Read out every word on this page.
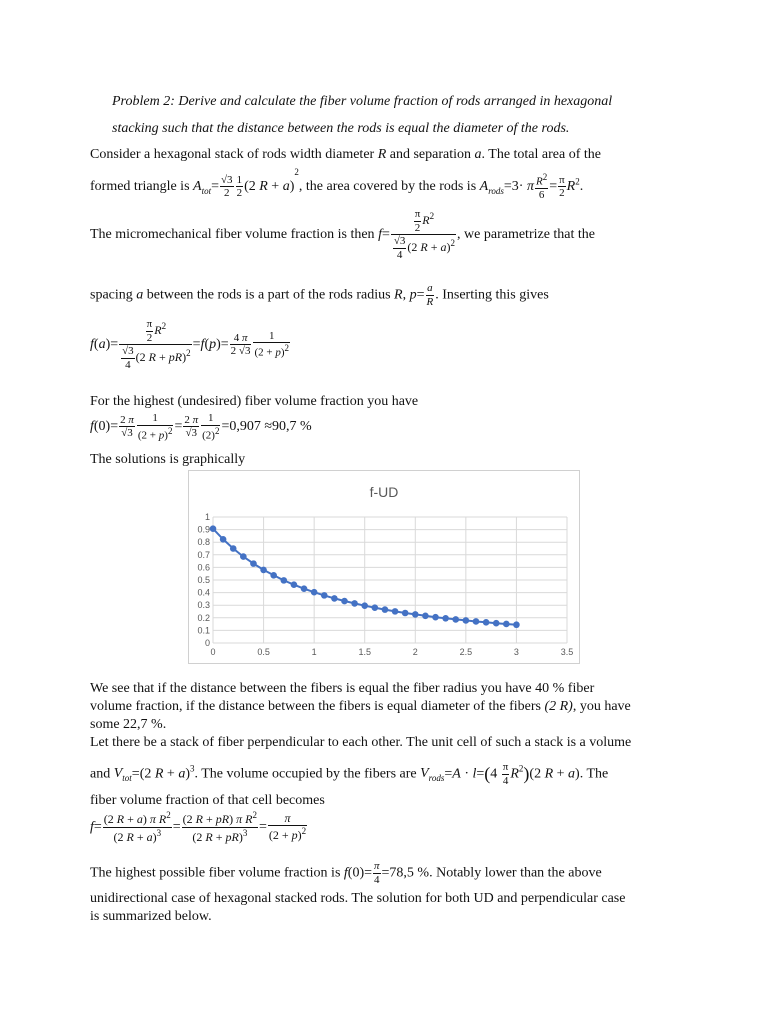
Problem 2: Derive and calculate the fiber volume fraction of rods arranged in hexagonal
stacking such that the distance between the rods is equal the diameter of the rods.
Consider a hexagonal stack of rods width diameter R and separation a. The total area of the
formed triangle is $A_{tot}= \frac{√3}{2} \frac{1}{2} (2$ R + a)$^2$, the area covered by the rods is $A_{rods}=3\cdot \pi \frac{R^2}{6} = \frac{\pi}{2} R^2$.
The micromechanical fiber volume fraction is then $f= \frac{\frac{\pi}{2} R^2}{\frac{√3}{4} (2 R + a)^2}$ , we parametrize that the
spacing a between the rods is a part of the rods radius R, $p= \frac{a}{R}$ . Inserting this gives
$f(a)= \frac{\frac{\pi}{2} R^2}{\frac{√3}{4} (2 R + pR)^2} =f(p)= \frac{4 \pi}{2 √3} \frac{1}{(2 + p)^2}$
For the highest (undesired) fiber volume fraction you have
$f(0)= \frac{2 \pi}{√3} \frac{1}{(2 + p)^2} = \frac{2 \pi}{√3} \frac{1}{(2)^2} =0,907 \approx 90,7$ %
The solutions is graphically
f-UD
0
0.1
0.2
0.3
0.4
0.5
0.6
0.7
0.8
0.9
1
0	0.5	1	1.5	2	2.5	3	3.5
We see that if the distance between the fibers is equal the fiber radius you have 40 % fiber
volume fraction, if the distance between the fibers is equal diameter of the fibers (2 R), you have
some 22,7 %.
Let there be a stack of fiber perpendicular to each other. The unit cell of such a stack is a volume
and $V_{tot}=(2$ R + a)$^3$. The volume occupied by the fibers are $V_{rods}=A \cdot l=(4 \frac{\pi}{4} R^2)(2$ R + a). The
fiber volume fraction of that cell becomes
$f= \frac{(2 R + a) \pi R^2}{(2 R + a)^3} = \frac{(2 R + pR) \pi R^2}{(2 R + pR)^3} = \frac{\pi}{(2 + p)^2}$
The highest possible fiber volume fraction is $f(0)= \frac{\pi}{4} =78,5$ %. Notably lower than the above
unidirectional case of hexagonal stacked rods. The solution for both UD and perpendicular case
is summarized below.
